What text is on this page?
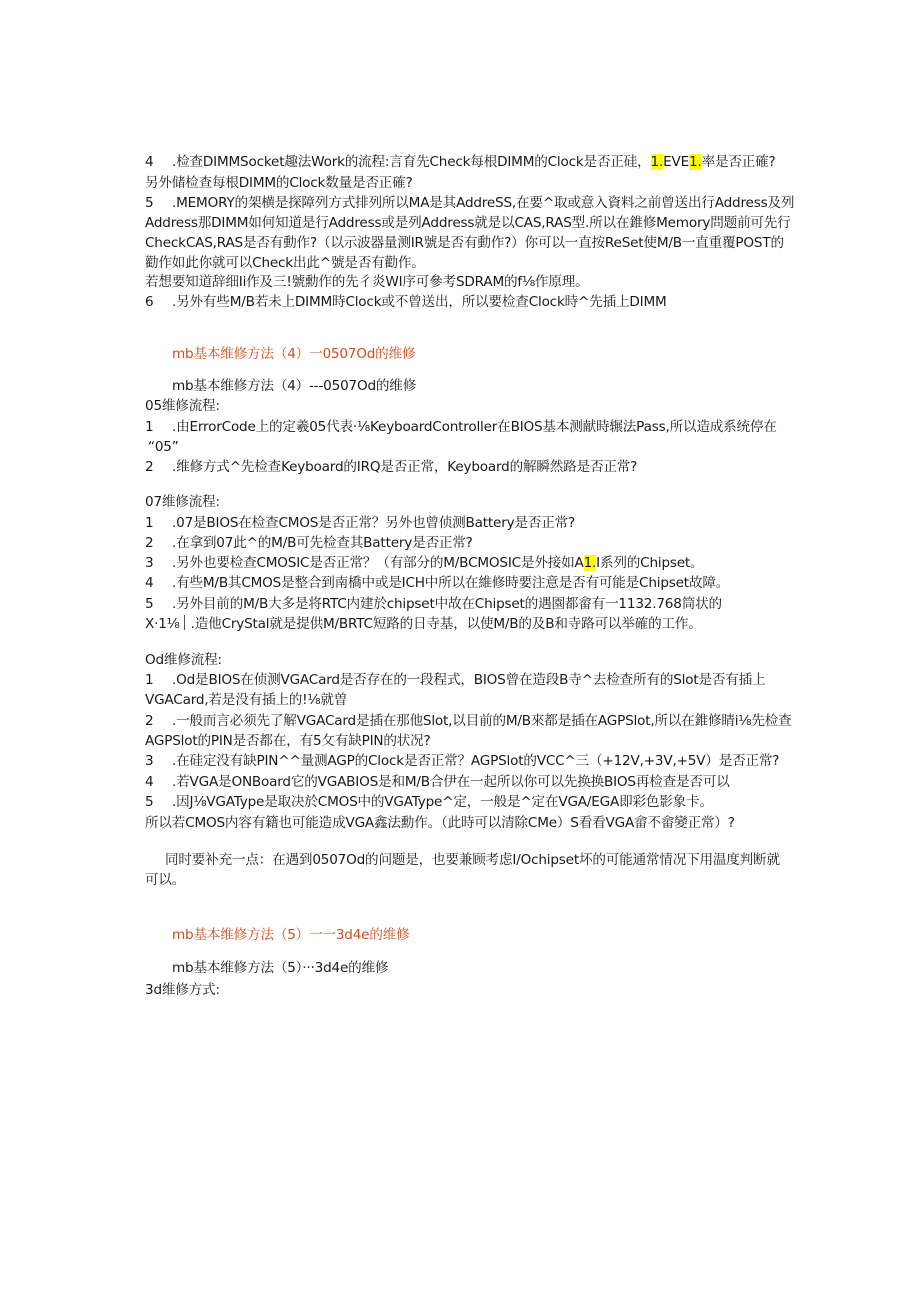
4 .检查DIMMSocket趣法Work的流程:言育先Check每根DIMM的Clock是否正硅，1.EVE1.率是否正確?
另外储检查每根DIMM的Clock数量是否正確?
5 .MEMORY的架横是探障列方式排列所以MA是其AddreSS,在要^取或意入資料之前曾送出行Address及列
Address那DIMM如何知道是行Address或是列Address就是以CAS,RAS型.所以在錐修Memory問题前可先行
CheckCAS,RAS是否有動作?（以示波器量测IR號是否有動作?）你可以一直按ReSet使M/B一直重覆POST的
勸作如此你就可以Check出此^號是否有勸作。
若想要知道辞细Ii作及三!號勳作的先彳炎WI序可參考SDRAM的f⅛作原理。
6 .另外有些M/B若未上DIMM時Clock或不曾送出，所以要检查Clock時^先插上DIMM
mb基本维修方法（4）一0507Od的维修
mb基本维修方法（4）---0507Od的维修
05维修流程:
1 .由ErrorCode上的定羲05代表·⅛KeyboardController在BIOS基本测献時辗法Pass,所以造成系统停在
“05”
2 .维修方式^先检查Keyboard的IRQ是否正常，Keyboard的解瞬然路是否正常?
07维修流程:
1 .07是BIOS在检查CMOS是否正常？另外也曾侦测Battery是否正常?
2 .在拿到07此^的M/B可先检查其Battery是否正常?
3 .另外也要检查CMOSIC是否正常？（有部分的M/BCMOSIC是外接如A1.I系列的Chipset。
4 .有些M/B其CMOS是整合到南橋中或是ICH中所以在維修時要注意是否有可能是Chipset故障。
5 .另外目前的M/B大多是将RTC内建於chipset中故在Chipset的遇園都畲有一1132.768筒状的
X·1⅛ .造他CryStal就是提供M/BRTC短路的日寺基，以使M/B的及B和寺路可以举確的工作。
Od维修流程:
1 .Od是BIOS在侦测VGACard是否存在的一段程式，BIOS曾在造段B寺^去检查所有的Slot是否有插上
VGACard,若是没有插上的!⅛就曽
2 .一般而言必须先了解VGACard是插在那他Slot,以目前的M/B來都是插在AGPSlot,所以在錐修睛i⅛先检查
AGPSlot的PIN是否都在，有5攵有缺PIN的状况?
3 .在硅定没有缺PIN^^量测AGP的Clock是否正常？AGPSlot的VCC^三（+12V,+3V,+5V）是否正常?
4 .若VGA是ONBoard它的VGABIOS是和M/B合伊在一起所以你可以先换换BIOS再检查是否可以
5 .因J⅛VGAType是取决於CMOS中的VGAType^定，一般是^定在VGA/EGA即彩色影象卡。
所以若CMOS内容有籍也可能造成VGA鑫法勳作。（此時可以清除CMe）S看看VGA畲不畲變正常）?
同时要补充一点：在遇到0507Od的问题是，也要兼顾考虑I/Ochipset坏的可能通常情况下用温度判断就
可以。
mb基本维修方法（5）一一3d4e的维修
mb基本维修方法（5）···3d4e的维修
3d维修方式:
